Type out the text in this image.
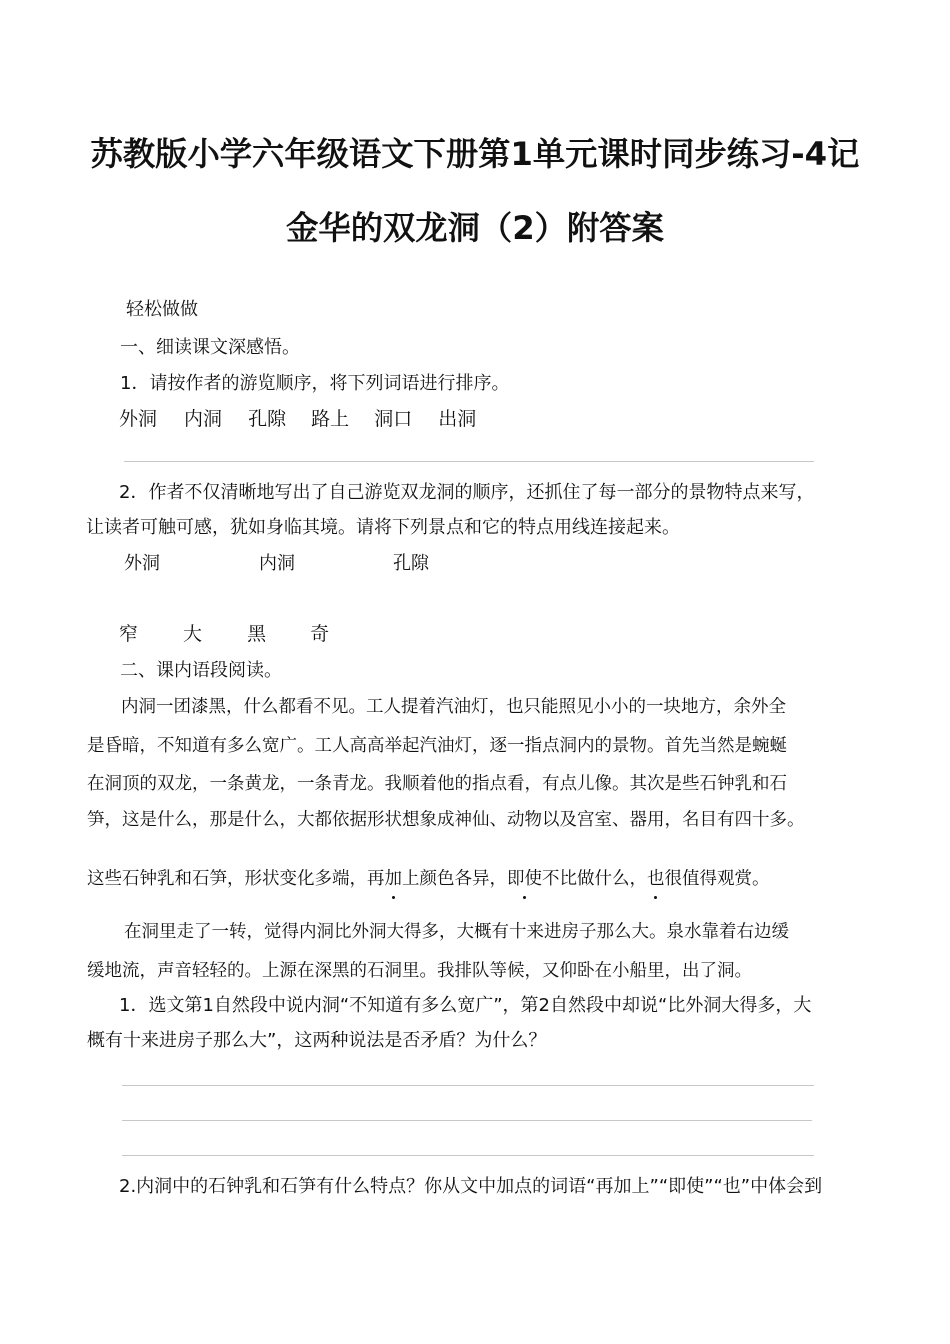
苏教版小学六年级语文下册第1单元课时同步练习-4记
金华的双龙洞（2）附答案
轻松做做
一、细读课文深感悟。
1．请按作者的游览顺序，将下列词语进行排序。
外洞 内洞 孔隙 路上 洞口 出洞
2．作者不仅清晰地写出了自己游览双龙洞的顺序，还抓住了每一部分的景物特点来写，
让读者可触可感，犹如身临其境。请将下列景点和它的特点用线连接起来。
外洞	内洞	孔隙
窄 大 黑 奇
二、课内语段阅读。
内洞一团漆黑，什么都看不见。工人提着汽油灯，也只能照见小小的一块地方，余外全
是昏暗，不知道有多么宽广。工人高高举起汽油灯，逐一指点洞内的景物。首先当然是蜿蜒
在洞顶的双龙，一条黄龙，一条青龙。我顺着他的指点看，有点儿像。其次是些石钟乳和石
笋，这是什么，那是什么，大都依据形状想象成神仙、动物以及宫室、器用，名目有四十多。
这些石钟乳和石笋，形状变化多端，再加上颜色各异，即使不比做什么，也很值得观赏。
在洞里走了一转，觉得内洞比外洞大得多，大概有十来进房子那么大。泉水靠着右边缓
缓地流，声音轻轻的。上源在深黑的石洞里。我排队等候，又仰卧在小船里，出了洞。
1．选文第1自然段中说内洞“不知道有多么宽广”，第2自然段中却说“比外洞大得多，大
概有十来进房子那么大”，这两种说法是否矛盾？为什么？
2.内洞中的石钟乳和石笋有什么特点？你从文中加点的词语“再加上”“即使”“也”中体会到
